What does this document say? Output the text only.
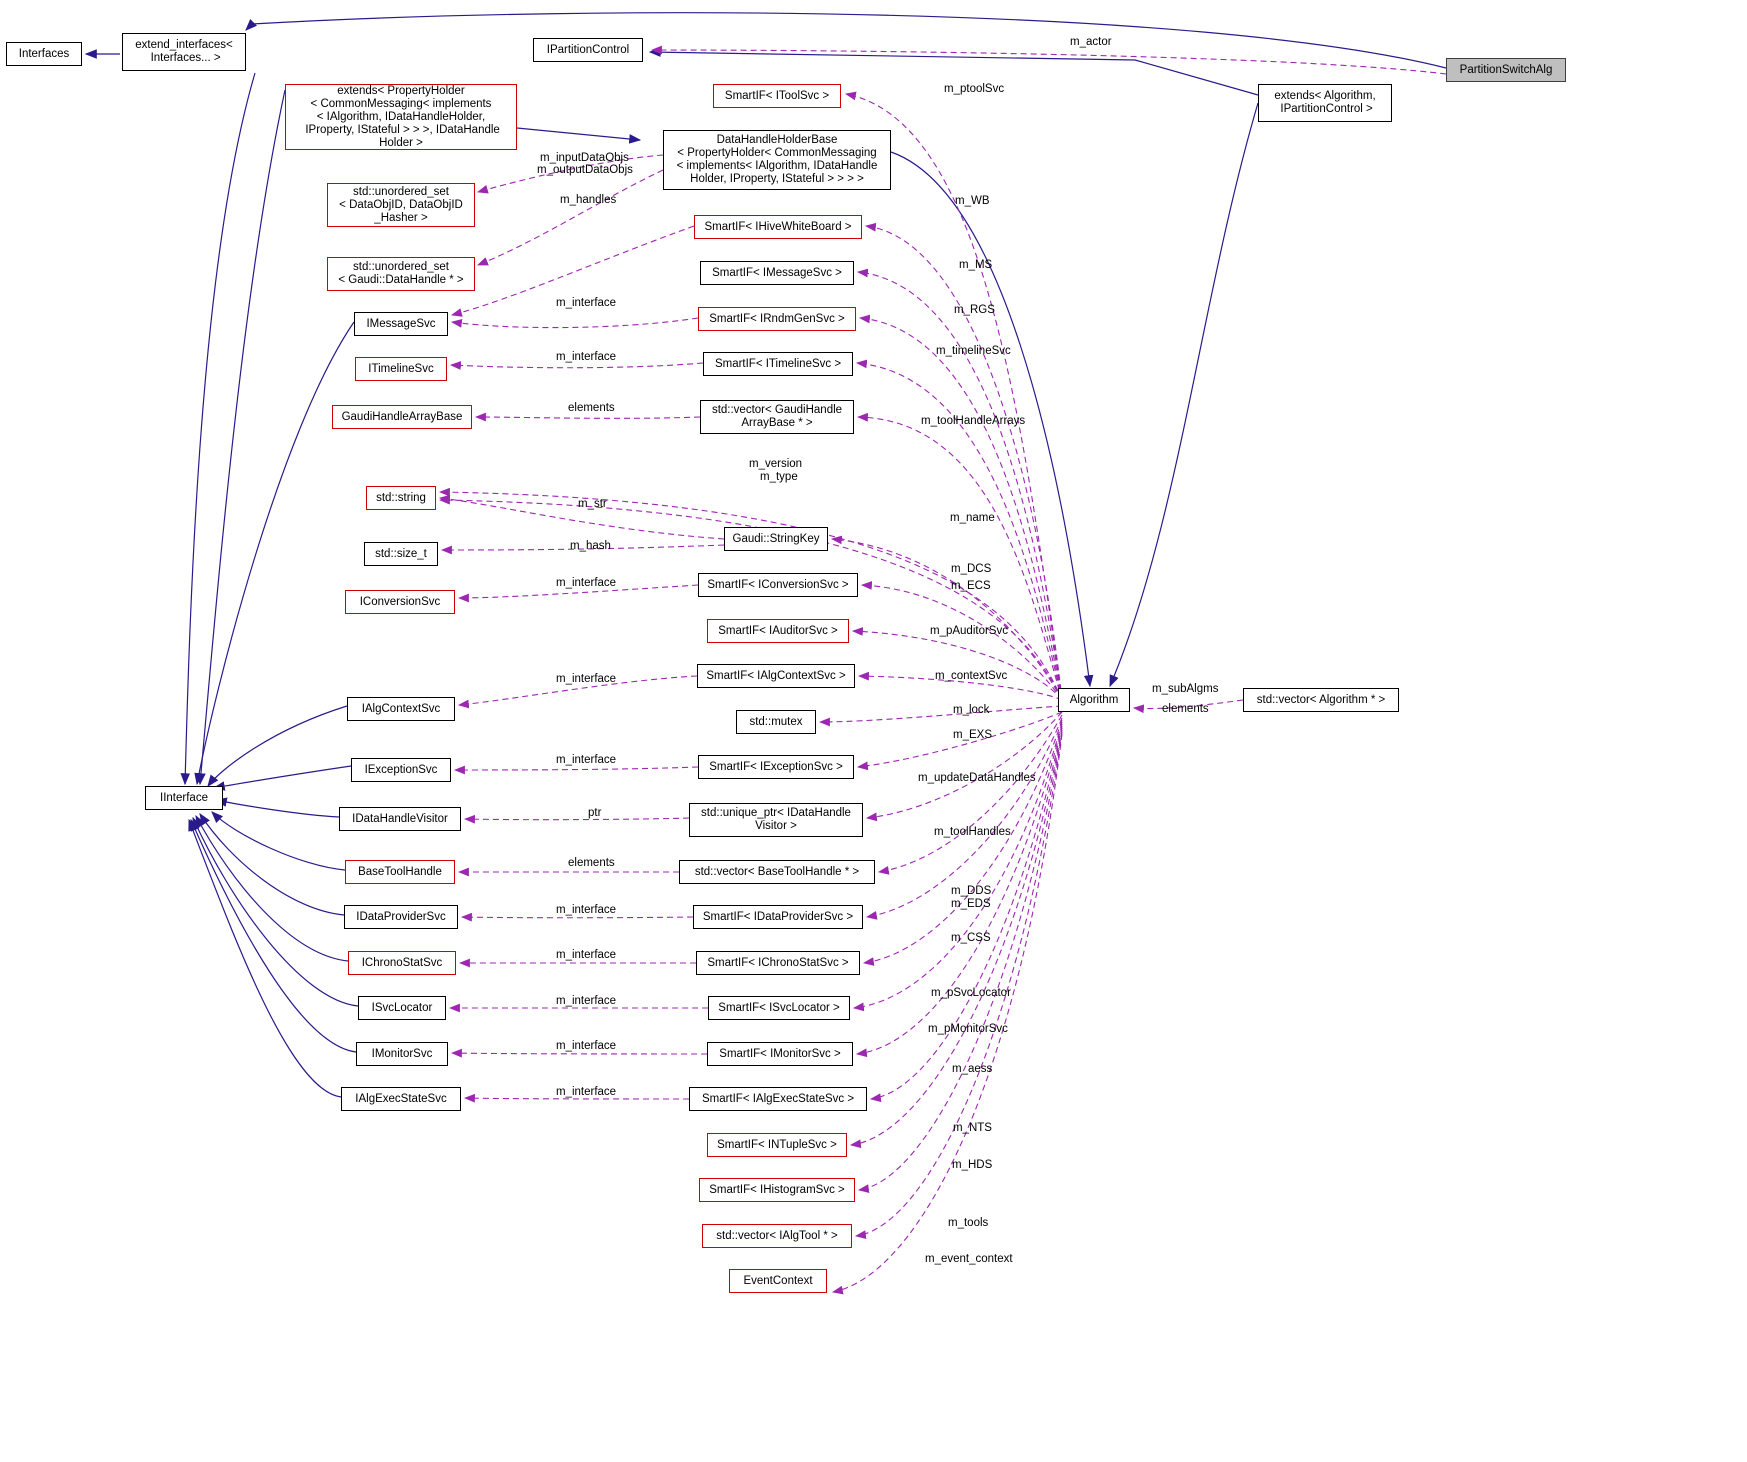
Interfaces
extend_interfaces<
Interfaces... >
IPartitionControl
PartitionSwitchAlg
extends< Algorithm,
IPartitionControl >
SmartIF< IToolSvc >
extends< PropertyHolder
< CommonMessaging< implements
< IAlgorithm, IDataHandleHolder,
IProperty, IStateful > > >, IDataHandle
Holder >	DataHandleHolderBase
< PropertyHolder< CommonMessaging
< implements< IAlgorithm, IDataHandle
Holder, IProperty, IStateful > > > >
std::unordered_set
< DataObjID, DataObjID
_Hasher >
SmartIF< IHiveWhiteBoard >
std::unordered_set
< Gaudi::DataHandle * >
SmartIF< IMessageSvc >
IMessageSvc	SmartIF< IRndmGenSvc >
ITimelineSvc	SmartIF< ITimelineSvc >
GaudiHandleArrayBase
std::vector< GaudiHandle
ArrayBase * >
std::string
Gaudi::StringKey
std::size_t
SmartIF< IConversionSvc >
IConversionSvc
SmartIF< IAuditorSvc >
SmartIF< IAlgContextSvc >
Algorithm	std::vector< Algorithm * >
IAlgContextSvc
std::mutex
IExceptionSvc	SmartIF< IExceptionSvc >
IDataHandleVisitor	std::unique_ptr< IDataHandle
Visitor >
BaseToolHandle	std::vector< BaseToolHandle * >
IDataProviderSvc	SmartIF< IDataProviderSvc >
IChronoStatSvc	SmartIF< IChronoStatSvc >
ISvcLocator	SmartIF< ISvcLocator >
IMonitorSvc	SmartIF< IMonitorSvc >
IAlgExecStateSvc	SmartIF< IAlgExecStateSvc >
SmartIF< INTupleSvc >
SmartIF< IHistogramSvc >
std::vector< IAlgTool * >
EventContext
IInterface
m_actor
m_ptoolSvc
m_inputDataObjs
m_outputDataObjs
m_handles	m_WB
m_MS
m_interface
m_RGS
m_interface	m_timelineSvc
elements
m_toolHandleArrays
m_version
m_type
m_str
m_name
m_hash
m_interface
m_DCS
m_ECS
m_pAuditorSvc
m_interface	m_contextSvc
m_subAlgms
elements
m_lock
m_EXS
m_interface
m_updateDataHandles
ptr
m_toolHandles
elements
m_interface
m_DDS
m_EDS
m_CSS
m_interface
m_interface
m_pSvcLocator
m_interface
m_pMonitorSvc
m_interface
m_aess
m_NTS
m_HDS
m_tools
m_event_context
